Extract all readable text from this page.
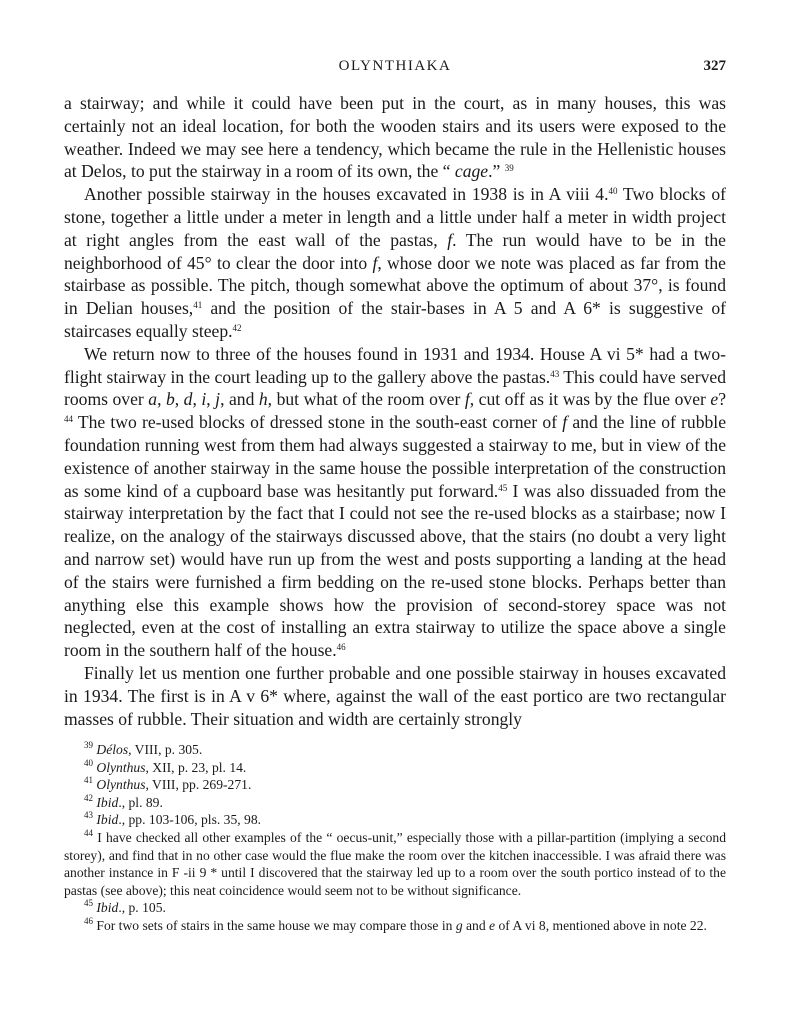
OLYNTHIAKA	327

a stairway; and while it could have been put in the court, as in many houses, this was certainly not an ideal location, for both the wooden stairs and its users were exposed to the weather. Indeed we may see here a tendency, which became the rule in the Hellenistic houses at Delos, to put the stairway in a room of its own, the “ cage.” $^{39}$

Another possible stairway in the houses excavated in 1938 is in A viii 4.40 Two blocks of stone, together a little under a meter in length and a little under half a meter in width project at right angles from the east wall of the pastas, f. The run would have to be in the neighborhood of 45° to clear the door into f, whose door we note was placed as far from the stairbase as possible. The pitch, though somewhat above the optimum of about 37°, is found in Delian houses,$^{41}$ and the position of the stair-bases in A 5 and A 6* is suggestive of staircases equally steep.$^{42}$

We return now to three of the houses found in 1931 and 1934. House A vi 5* had a two-flight stairway in the court leading up to the gallery above the pastas.$^{43}$ This could have served rooms over a, b, d, i, j, and h, but what of the room over f, cut off as it was by the flue over e? $^{44}$ The two re-used blocks of dressed stone in the south-east corner of f and the line of rubble foundation running west from them had always suggested a stairway to me, but in view of the existence of another stairway in the same house the possible interpretation of the construction as some kind of a cupboard base was hesitantly put forward.$^{45}$ I was also dissuaded from the stairway interpretation by the fact that I could not see the re-used blocks as a stairbase; now I realize, on the analogy of the stairways discussed above, that the stairs (no doubt a very light and narrow set) would have run up from the west and posts supporting a landing at the head of the stairs were furnished a firm bedding on the re-used stone blocks. Perhaps better than anything else this example shows how the provision of second-storey space was not neglected, even at the cost of installing an extra stairway to utilize the space above a single room in the southern half of the house.$^{46}$

Finally let us mention one further probable and one possible stairway in houses excavated in 1934. The first is in A v 6* where, against the wall of the east portico are two rectangular masses of rubble. Their situation and width are certainly strongly

$^{39}$ Délos, VIII, p. 305.

$^{40}$ Olynthus, XII, p. 23, pl. 14.

$^{41}$ Olynthus, VIII, pp. 269-271.

$^{42}$ Ibid., pl. 89.

$^{43}$ Ibid., pp. 103-106, pls. 35, 98.

$^{44}$ I have checked all other examples of the “ oecus-unit,” especially those with a pillar-partition (implying a second storey), and find that in no other case would the flue make the room over the kitchen inaccessible. I was afraid there was another instance in F -ii 9 * until I discovered that the stairway led up to a room over the south portico instead of to the pastas (see above); this neat coincidence would seem not to be without significance.

$^{45}$ Ibid., p. 105.

$^{46}$ For two sets of stairs in the same house we may compare those in g and e of A vi 8, mentioned above in note 22.
